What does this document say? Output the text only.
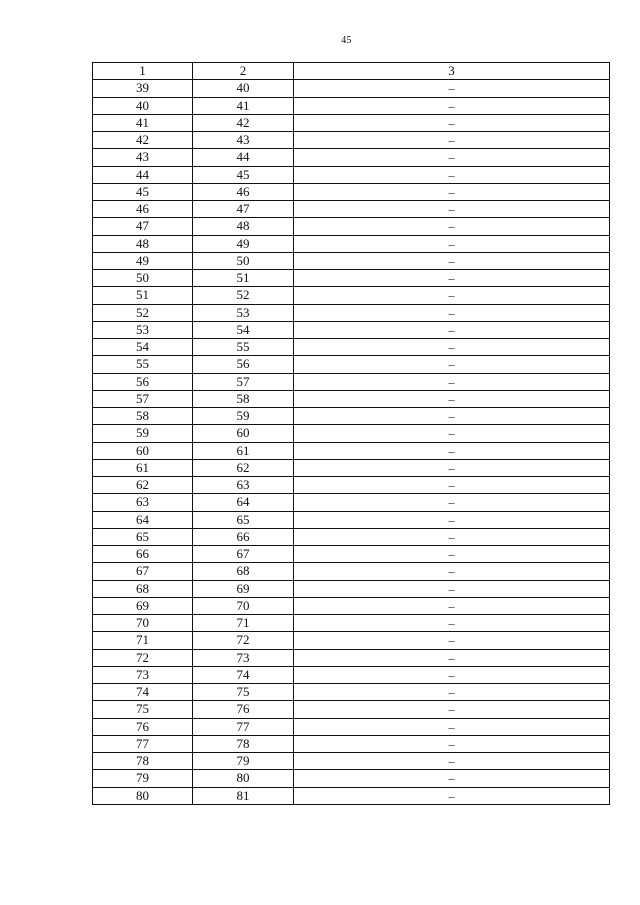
45
1	2	3
39	40	–
40	41	–
41	42	–
42	43	–
43	44	–
44	45	–
45	46	–
46	47	–
47	48	–
48	49	–
49	50	–
50	51	–
51	52	–
52	53	–
53	54	–
54	55	–
55	56	–
56	57	–
57	58	–
58	59	–
59	60	–
60	61	–
61	62	–
62	63	–
63	64	–
64	65	–
65	66	–
66	67	–
67	68	–
68	69	–
69	70	–
70	71	–
71	72	–
72	73	–
73	74	–
74	75	–
75	76	–
76	77	–
77	78	–
78	79	–
79	80	–
80	81	–
